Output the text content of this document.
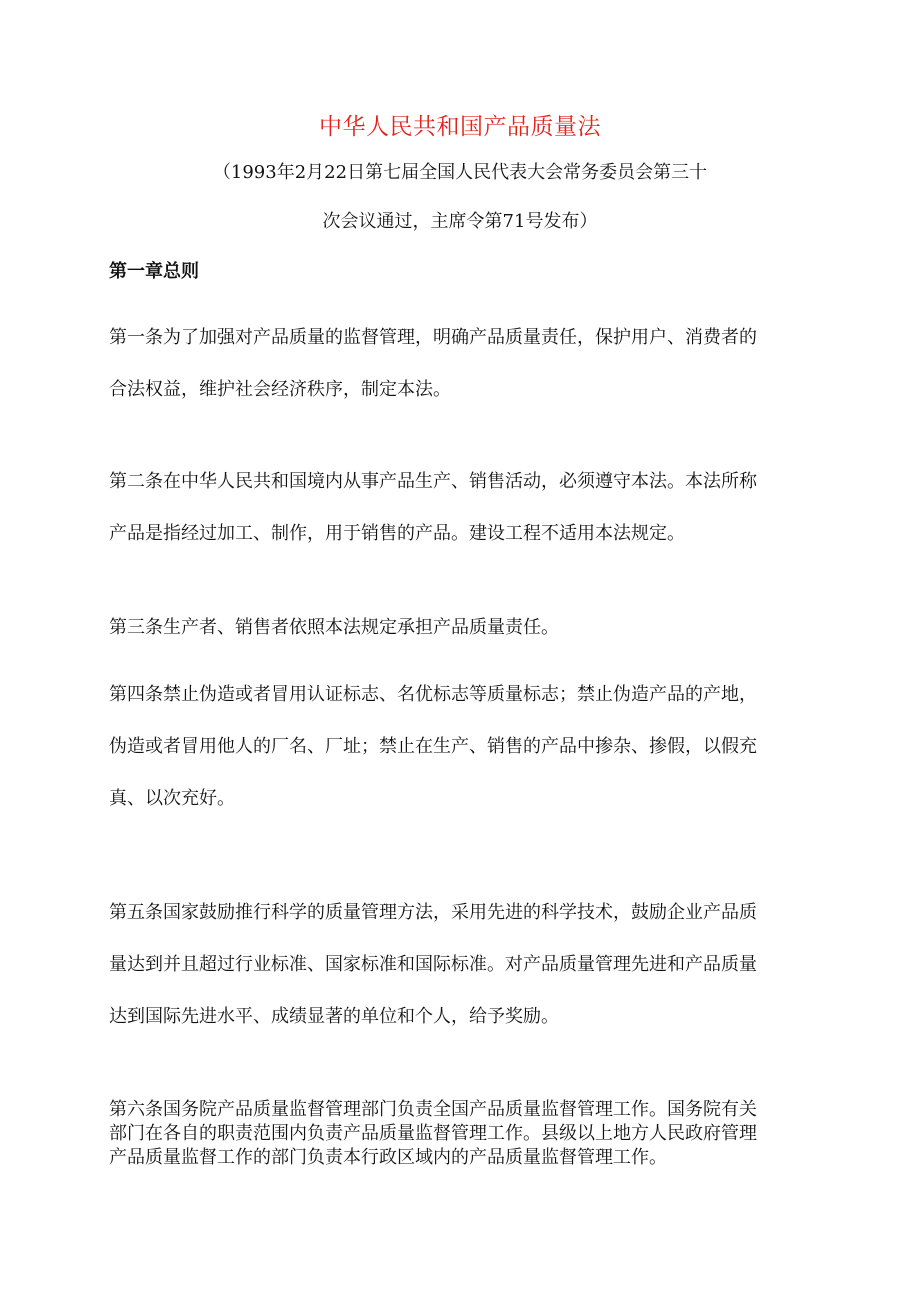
中华人民共和国产品质量法

（1993年2月22日第七届全国人民代表大会常务委员会第三十

次会议通过，主席令第71号发布）

第一章总则

第一条为了加强对产品质量的监督管理，明确产品质量责任，保护用户、消费者的
合法权益，维护社会经济秩序，制定本法。

第二条在中华人民共和国境内从事产品生产、销售活动，必须遵守本法。本法所称
产品是指经过加工、制作，用于销售的产品。建设工程不适用本法规定。

第三条生产者、销售者依照本法规定承担产品质量责任。

第四条禁止伪造或者冒用认证标志、名优标志等质量标志；禁止伪造产品的产地，
伪造或者冒用他人的厂名、厂址；禁止在生产、销售的产品中掺杂、掺假，以假充
真、以次充好。

第五条国家鼓励推行科学的质量管理方法，采用先进的科学技术，鼓励企业产品质
量达到并且超过行业标准、国家标准和国际标准。对产品质量管理先进和产品质量
达到国际先进水平、成绩显著的单位和个人，给予奖励。

第六条国务院产品质量监督管理部门负责全国产品质量监督管理工作。国务院有关
部门在各自的职责范围内负责产品质量监督管理工作。县级以上地方人民政府管理
产品质量监督工作的部门负责本行政区域内的产品质量监督管理工作。
